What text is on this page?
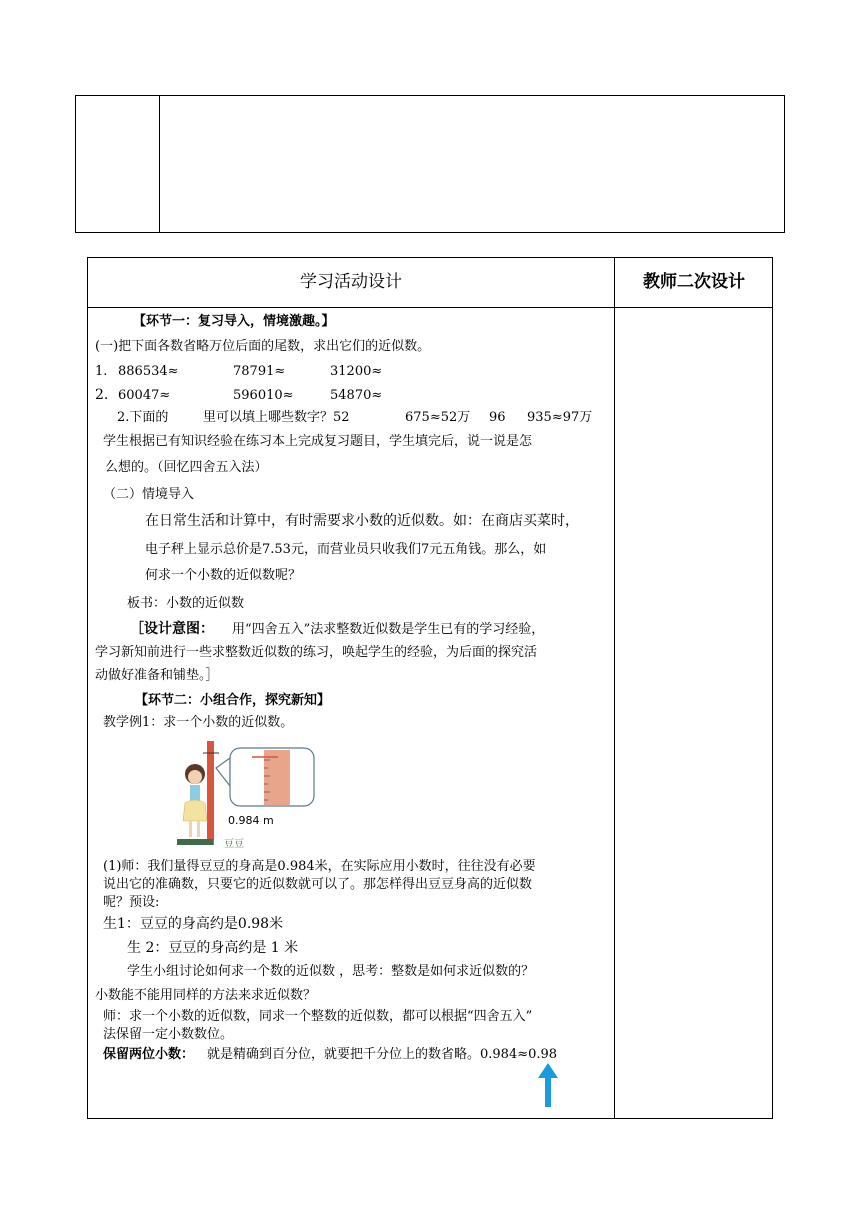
学习活动设计	教师二次设计
【环节一：复习导入，情境激趣。】
(一)把下面各数省略万位后面的尾数，求出它们的近似数。
1. 886534≈	78791≈	31200≈
2. 60047≈	596010≈	54870≈
2.下面的	里可以填上哪些数字？52	675≈52万 96 935≈97万
学生根据已有知识经验在练习本上完成复习题目，学生填完后，说一说是怎
么想的。（回忆四舍五入法）
（二）情境导入
在日常生活和计算中，有时需要求小数的近似数。如：在商店买菜时，
电子秤上显示总价是7.53元，而营业员只收我们7元五角钱。那么，如
何求一个小数的近似数呢？
板书：小数的近似数
［设计意图： 用“四舍五入”法求整数近似数是学生已有的学习经验，
学习新知前进行一些求整数近似数的练习，唤起学生的经验，为后面的探究活
动做好准备和铺垫。］
【环节二：小组合作，探究新知】
教学例1：求一个小数的近似数。
0.984 m
豆豆
(1)师：我们量得豆豆的身高是0.984米，在实际应用小数时，往往没有必要
说出它的准确数，只要它的近似数就可以了。那怎样得出豆豆身高的近似数
呢？预设:
生1：豆豆的身高约是0.98米
生 2：豆豆的身高约是 1 米
学生小组讨论如何求一个数的近似数 ，思考：整数是如何求近似数的？
小数能不能用同样的方法来求近似数？
师：求一个小数的近似数，同求一个整数的近似数，都可以根据“四舍五入”
法保留一定小数数位。
保留两位小数： 就是精确到百分位，就要把千分位上的数省略。0.984≈0.98
